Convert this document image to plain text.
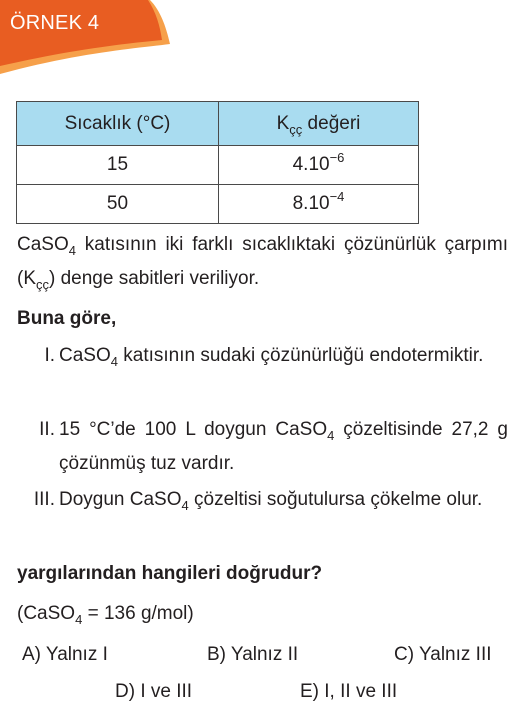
ÖRNEK 4
Sıcaklık (°C)	$K_{çç}$ değeri
15	$4.10^{-6}$
50	$8.10^{-4}$
CaSO$_4$ katısının iki farklı sıcaklıktaki çözünürlük çarpımı $(K_{çç})$ denge sabitleri veriliyor.
Buna göre,
I. CaSO$_4$ katısının sudaki çözünürlüğü endotermiktir.
II. 15 °C’de 100 L doygun CaSO$_4$ çözeltisinde 27,2 g çözünmüş tuz vardır.
III. Doygun CaSO$_4$ çözeltisi soğutulursa çökelme olur.
yargılarından hangileri doğrudur?
(CaSO$_4$ = 136 g/mol)
A) Yalnız I	B) Yalnız II	C) Yalnız III
D) I ve III	E) I, II ve III
